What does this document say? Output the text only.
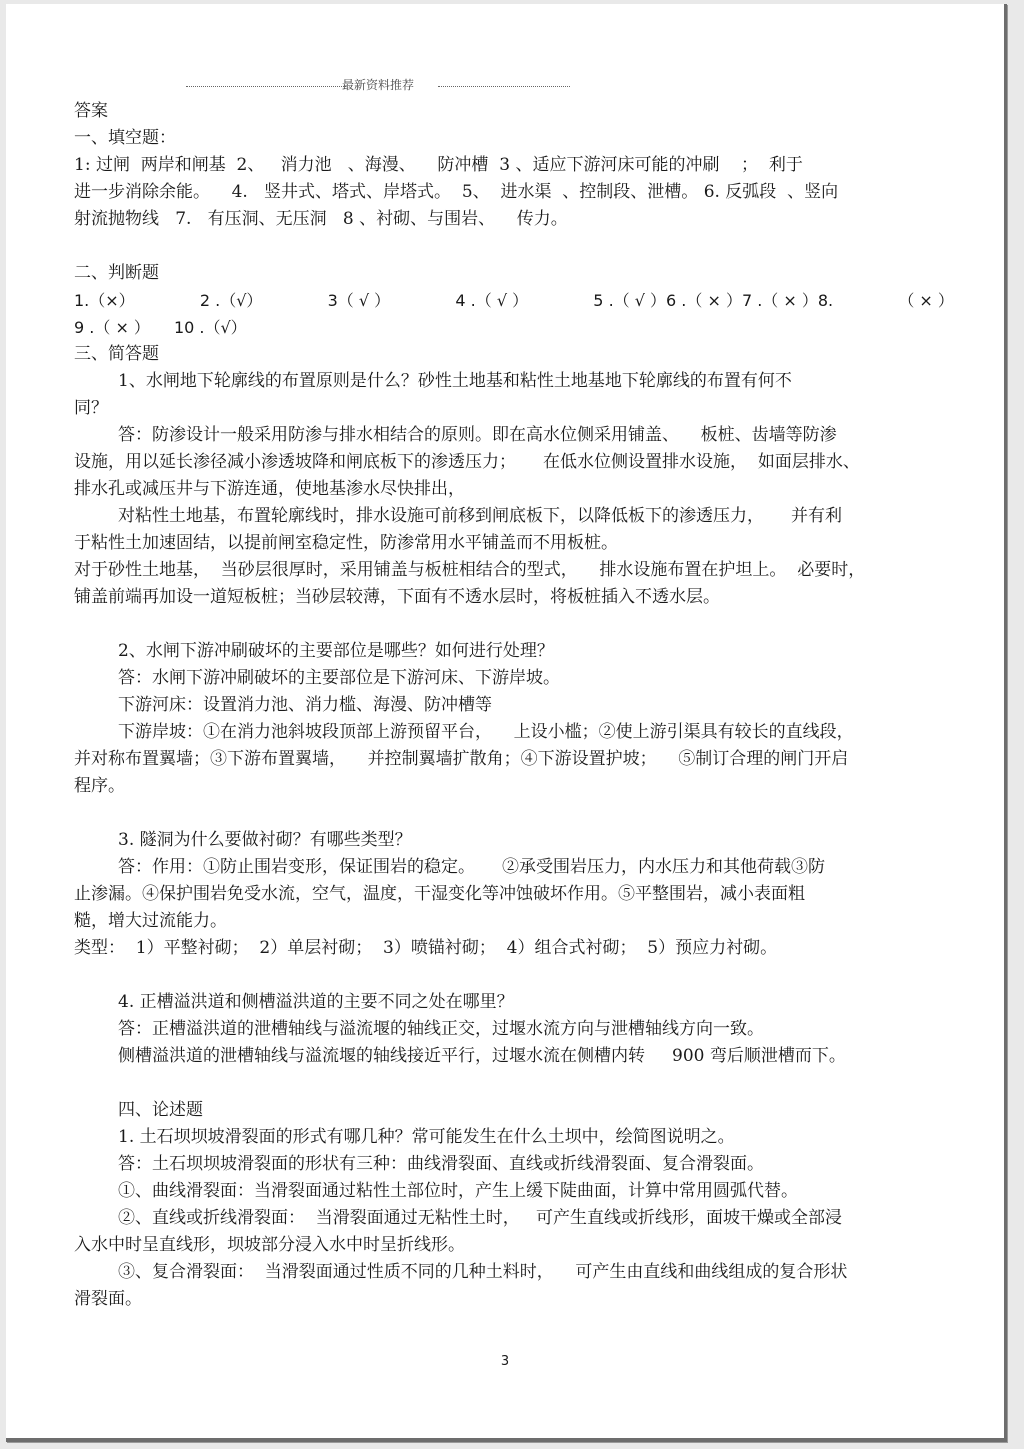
最新资料推荐

答案

一、填空题：

1: 过闸  两岸和闸基  2、   消力池   、海漫、    防冲槽  3 、适应下游河床可能的冲刷    ；  利于

进一步消除余能。    4.   竖井式、塔式、岸塔式。  5、  进水渠  、控制段、泄槽。 6. 反弧段  、竖向

射流抛物线   7.   有压洞、无压洞   8 、衬砌、与围岩、    传力。

二、判断题

1.（×）	2 .（√）	3（ √ ）	4 .（ √ ）	5 .（ √ ）6 .（ × ）7 .（ × ）8.	（ × ）
9 .（ × ） 10 .（√）

三、简答题

1、水闸地下轮廓线的布置原则是什么？砂性土地基和粘性土地基地下轮廓线的布置有何不

同？

答：防渗设计一般采用防渗与排水相结合的原则。即在高水位侧采用铺盖、    板桩、齿墙等防渗

设施，用以延长渗径减小渗透坡降和闸底板下的渗透压力；     在低水位侧设置排水设施，  如面层排水、

排水孔或减压井与下游连通，使地基渗水尽快排出，

对粘性土地基，布置轮廓线时，排水设施可前移到闸底板下，以降低板下的渗透压力，     并有利

于粘性土加速固结，以提前闸室稳定性，防渗常用水平铺盖而不用板桩。

对于砂性土地基，  当砂层很厚时，采用铺盖与板桩相结合的型式，    排水设施布置在护坦上。  必要时，

铺盖前端再加设一道短板桩；当砂层较薄，下面有不透水层时，将板桩插入不透水层。

2、水闸下游冲刷破坏的主要部位是哪些？如何进行处理？

答：水闸下游冲刷破坏的主要部位是下游河床、下游岸坡。

下游河床：设置消力池、消力槛、海漫、防冲槽等

下游岸坡：①在消力池斜坡段顶部上游预留平台，    上设小槛；②使上游引渠具有较长的直线段，

并对称布置翼墙；③下游布置翼墙，    并控制翼墙扩散角；④下游设置护坡；    ⑤制订合理的闸门开启

程序。

3. 隧洞为什么要做衬砌？有哪些类型？

答：作用：①防止围岩变形，保证围岩的稳定。     ②承受围岩压力，内水压力和其他荷载③防

止渗漏。④保护围岩免受水流，空气，温度，干湿变化等冲蚀破坏作用。⑤平整围岩，减小表面粗

糙，增大过流能力。

类型：  1）平整衬砌；  2）单层衬砌；  3）喷锚衬砌；  4）组合式衬砌；  5）预应力衬砌。

4. 正槽溢洪道和侧槽溢洪道的主要不同之处在哪里？

答：正槽溢洪道的泄槽轴线与溢流堰的轴线正交，过堰水流方向与泄槽轴线方向一致。

侧槽溢洪道的泄槽轴线与溢流堰的轴线接近平行，过堰水流在侧槽内转     900 弯后顺泄槽而下。

四、论述题

1. 土石坝坝坡滑裂面的形式有哪几种？常可能发生在什么土坝中，绘简图说明之。

答：土石坝坝坡滑裂面的形状有三种：曲线滑裂面、直线或折线滑裂面、复合滑裂面。

①、曲线滑裂面：当滑裂面通过粘性土部位时，产生上缓下陡曲面，计算中常用圆弧代替。

②、直线或折线滑裂面：  当滑裂面通过无粘性土时，   可产生直线或折线形，面坡干燥或全部浸

入水中时呈直线形，坝坡部分浸入水中时呈折线形。

③、复合滑裂面：  当滑裂面通过性质不同的几种土料时，    可产生由直线和曲线组成的复合形状

滑裂面。

3
